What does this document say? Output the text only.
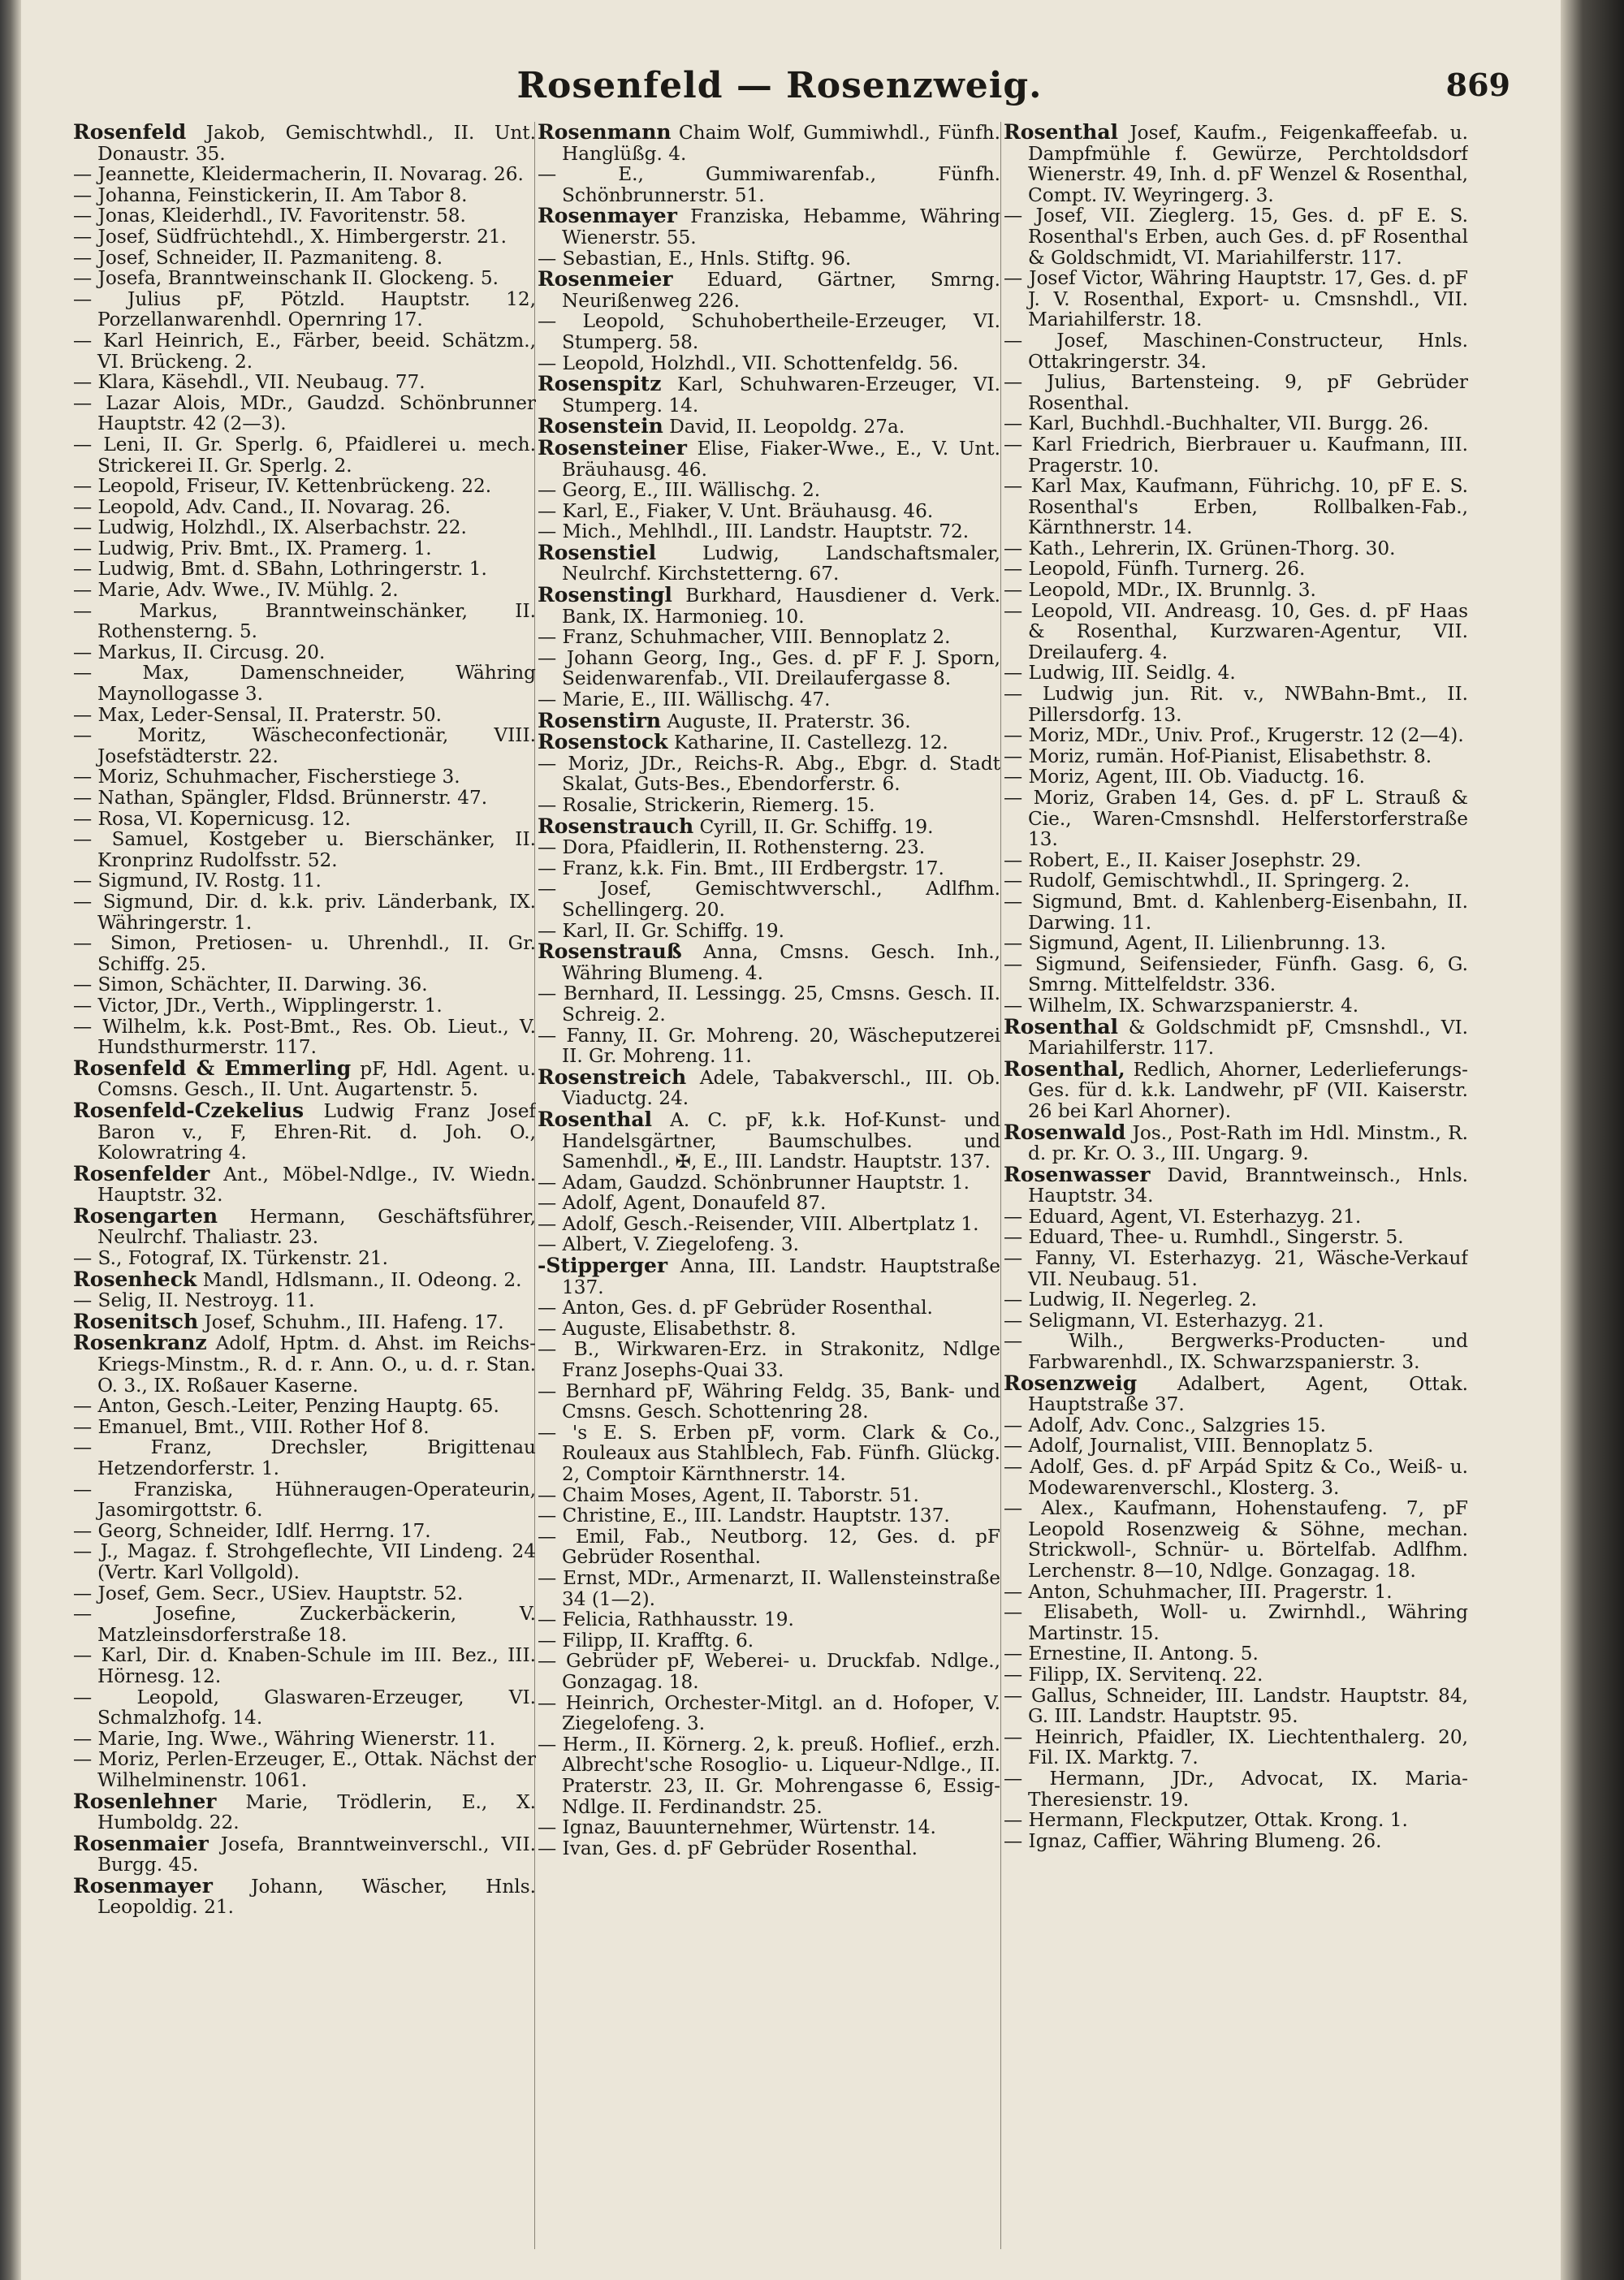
Rosenfeld — Rosenzweig.	869

Rosenfeld Jakob, Gemischtwhdl., II. Unt. Donaustr. 35.

— Jeannette, Kleidermacherin, II. Novarag. 26.

— Johanna, Feinstickerin, II. Am Tabor 8.

— Jonas, Kleiderhdl., IV. Favoritenstr. 58.

— Josef, Südfrüchtehdl., X. Himbergerstr. 21.

— Josef, Schneider, II. Pazmaniteng. 8.

— Josefa, Branntweinschank II. Glockeng. 5.

— Julius pF, Pötzld. Hauptstr. 12, Porzellanwarenhdl. Opernring 17.

— Karl Heinrich, E., Färber, beeid. Schätzm., VI. Brückeng. 2.

— Klara, Käsehdl., VII. Neubaug. 77.

— Lazar Alois, MDr., Gaudzd. Schönbrunner Hauptstr. 42 (2—3).

— Leni, II. Gr. Sperlg. 6, Pfaidlerei u. mech. Strickerei II. Gr. Sperlg. 2.

— Leopold, Friseur, IV. Kettenbrückeng. 22.

— Leopold, Adv. Cand., II. Novarag. 26.

— Ludwig, Holzhdl., IX. Alserbachstr. 22.

— Ludwig, Priv. Bmt., IX. Pramerg. 1.

— Ludwig, Bmt. d. SBahn, Lothringerstr. 1.

— Marie, Adv. Wwe., IV. Mühlg. 2.

— Markus, Branntweinschänker, II. Rothensterng. 5.

— Markus, II. Circusg. 20.

— Max, Damenschneider, Währing Maynollogasse 3.

— Max, Leder-Sensal, II. Praterstr. 50.

— Moritz, Wäscheconfectionär, VIII. Josefstädterstr. 22.

— Moriz, Schuhmacher, Fischerstiege 3.

— Nathan, Spängler, Fldsd. Brünnerstr. 47.

— Rosa, VI. Kopernicusg. 12.

— Samuel, Kostgeber u. Bierschänker, II. Kronprinz Rudolfsstr. 52.

— Sigmund, IV. Rostg. 11.

— Sigmund, Dir. d. k.k. priv. Länderbank, IX. Währingerstr. 1.

— Simon, Pretiosen- u. Uhrenhdl., II. Gr. Schiffg. 25.

— Simon, Schächter, II. Darwing. 36.

— Victor, JDr., Verth., Wipplingerstr. 1.

— Wilhelm, k.k. Post-Bmt., Res. Ob. Lieut., V. Hundsthurmerstr. 117.

Rosenfeld & Emmerling pF, Hdl. Agent. u. Comsns. Gesch., II. Unt. Augartenstr. 5.

Rosenfeld-Czekelius Ludwig Franz Josef Baron v., F, Ehren-Rit. d. Joh. O., Kolowratring 4.

Rosenfelder Ant., Möbel-Ndlge., IV. Wiedn. Hauptstr. 32.

Rosengarten Hermann, Geschäftsführer, Neulrchf. Thaliastr. 23.

— S., Fotograf, IX. Türkenstr. 21.

Rosenheck Mandl, Hdlsmann., II. Odeong. 2.

— Selig, II. Nestroyg. 11.

Rosenitsch Josef, Schuhm., III. Hafeng. 17.

Rosenkranz Adolf, Hptm. d. Ahst. im Reichs-Kriegs-Minstm., R. d. r. Ann. O., u. d. r. Stan. O. 3., IX. Roßauer Kaserne.

— Anton, Gesch.-Leiter, Penzing Hauptg. 65.

— Emanuel, Bmt., VIII. Rother Hof 8.

— Franz, Drechsler, Brigittenau Hetzendorferstr. 1.

— Franziska, Hühneraugen-Operateurin, Jasomirgottstr. 6.

— Georg, Schneider, Idlf. Herrng. 17.

— J., Magaz. f. Strohgeflechte, VII Lindeng. 24 (Vertr. Karl Vollgold).

— Josef, Gem. Secr., USiev. Hauptstr. 52.

— Josefine, Zuckerbäckerin, V. Matzleinsdorferstraße 18.

— Karl, Dir. d. Knaben-Schule im III. Bez., III. Hörnesg. 12.

— Leopold, Glaswaren-Erzeuger, VI. Schmalzhofg. 14.

— Marie, Ing. Wwe., Währing Wienerstr. 11.

— Moriz, Perlen-Erzeuger, E., Ottak. Nächst der Wilhelminenstr. 1061.

Rosenlehner Marie, Trödlerin, E., X. Humboldg. 22.

Rosenmaier Josefa, Branntweinverschl., VII. Burgg. 45.

Rosenmayer Johann, Wäscher, Hnls. Leopoldig. 21.

Rosenmann Chaim Wolf, Gummiwhdl., Fünfh. Hanglüßg. 4.

— E., Gummiwarenfab., Fünfh. Schönbrunnerstr. 51.

Rosenmayer Franziska, Hebamme, Währing Wienerstr. 55.

— Sebastian, E., Hnls. Stiftg. 96.

Rosenmeier Eduard, Gärtner, Smrng. Neurißenweg 226.

— Leopold, Schuhobertheile-Erzeuger, VI. Stumperg. 58.

— Leopold, Holzhdl., VII. Schottenfeldg. 56.

Rosenspitz Karl, Schuhwaren-Erzeuger, VI. Stumperg. 14.

Rosenstein David, II. Leopoldg. 27a.

Rosensteiner Elise, Fiaker-Wwe., E., V. Unt. Bräuhausg. 46.

— Georg, E., III. Wällischg. 2.

— Karl, E., Fiaker, V. Unt. Bräuhausg. 46.

— Mich., Mehlhdl., III. Landstr. Hauptstr. 72.

Rosenstiel Ludwig, Landschaftsmaler, Neulrchf. Kirchstetterng. 67.

Rosenstingl Burkhard, Hausdiener d. Verk. Bank, IX. Harmonieg. 10.

— Franz, Schuhmacher, VIII. Bennoplatz 2.

— Johann Georg, Ing., Ges. d. pF F. J. Sporn, Seidenwarenfab., VII. Dreilaufergasse 8.

— Marie, E., III. Wällischg. 47.

Rosenstirn Auguste, II. Praterstr. 36.

Rosenstock Katharine, II. Castellezg. 12.

— Moriz, JDr., Reichs-R. Abg., Ebgr. d. Stadt Skalat, Guts-Bes., Ebendorferstr. 6.

— Rosalie, Strickerin, Riemerg. 15.

Rosenstrauch Cyrill, II. Gr. Schiffg. 19.

— Dora, Pfaidlerin, II. Rothensterng. 23.

— Franz, k.k. Fin. Bmt., III Erdbergstr. 17.

— Josef, Gemischtwverschl., Adlfhm. Schellingerg. 20.

— Karl, II. Gr. Schiffg. 19.

Rosenstrauß Anna, Cmsns. Gesch. Inh., Währing Blumeng. 4.

— Bernhard, II. Lessingg. 25, Cmsns. Gesch. II. Schreig. 2.

— Fanny, II. Gr. Mohreng. 20, Wäscheputzerei II. Gr. Mohreng. 11.

Rosenstreich Adele, Tabakverschl., III. Ob. Viaductg. 24.

Rosenthal A. C. pF, k.k. Hof-Kunst- und Handelsgärtner, Baumschulbes. und Samenhdl., ✠, E., III. Landstr. Hauptstr. 137.

— Adam, Gaudzd. Schönbrunner Hauptstr. 1.

— Adolf, Agent, Donaufeld 87.

— Adolf, Gesch.-Reisender, VIII. Albertplatz 1.

— Albert, V. Ziegelofeng. 3.

-Stipperger Anna, III. Landstr. Hauptstraße 137.

— Anton, Ges. d. pF Gebrüder Rosenthal.

— Auguste, Elisabethstr. 8.

— B., Wirkwaren-Erz. in Strakonitz, Ndlge Franz Josephs-Quai 33.

— Bernhard pF, Währing Feldg. 35, Bank- und Cmsns. Gesch. Schottenring 28.

— 's E. S. Erben pF, vorm. Clark & Co., Rouleaux aus Stahlblech, Fab. Fünfh. Glückg. 2, Comptoir Kärnthnerstr. 14.

— Chaim Moses, Agent, II. Taborstr. 51.

— Christine, E., III. Landstr. Hauptstr. 137.

— Emil, Fab., Neutborg. 12, Ges. d. pF Gebrüder Rosenthal.

— Ernst, MDr., Armenarzt, II. Wallensteinstraße 34 (1—2).

— Felicia, Rathhausstr. 19.

— Filipp, II. Krafftg. 6.

— Gebrüder pF, Weberei- u. Druckfab. Ndlge., Gonzagag. 18.

— Heinrich, Orchester-Mitgl. an d. Hofoper, V. Ziegelofeng. 3.

— Herm., II. Körnerg. 2, k. preuß. Hoflief., erzh. Albrecht'sche Rosoglio- u. Liqueur-Ndlge., II. Praterstr. 23, II. Gr. Mohrengasse 6, Essig-Ndlge. II. Ferdinandstr. 25.

— Ignaz, Bauunternehmer, Würtenstr. 14.

— Ivan, Ges. d. pF Gebrüder Rosenthal.

Rosenthal Josef, Kaufm., Feigenkaffeefab. u. Dampfmühle f. Gewürze, Perchtoldsdorf Wienerstr. 49, Inh. d. pF Wenzel & Rosenthal, Compt. IV. Weyringerg. 3.

— Josef, VII. Zieglerg. 15, Ges. d. pF E. S. Rosenthal's Erben, auch Ges. d. pF Rosenthal & Goldschmidt, VI. Mariahilferstr. 117.

— Josef Victor, Währing Hauptstr. 17, Ges. d. pF J. V. Rosenthal, Export- u. Cmsnshdl., VII. Mariahilferstr. 18.

— Josef, Maschinen-Constructeur, Hnls. Ottakringerstr. 34.

— Julius, Bartensteing. 9, pF Gebrüder Rosenthal.

— Karl, Buchhdl.-Buchhalter, VII. Burgg. 26.

— Karl Friedrich, Bierbrauer u. Kaufmann, III. Pragerstr. 10.

— Karl Max, Kaufmann, Führichg. 10, pF E. S. Rosenthal's Erben, Rollbalken-Fab., Kärnthnerstr. 14.

— Kath., Lehrerin, IX. Grünen-Thorg. 30.

— Leopold, Fünfh. Turnerg. 26.

— Leopold, MDr., IX. Brunnlg. 3.

— Leopold, VII. Andreasg. 10, Ges. d. pF Haas & Rosenthal, Kurzwaren-Agentur, VII. Dreilauferg. 4.

— Ludwig, III. Seidlg. 4.

— Ludwig jun. Rit. v., NWBahn-Bmt., II. Pillersdorfg. 13.

— Moriz, MDr., Univ. Prof., Krugerstr. 12 (2—4).

— Moriz, rumän. Hof-Pianist, Elisabethstr. 8.

— Moriz, Agent, III. Ob. Viaductg. 16.

— Moriz, Graben 14, Ges. d. pF L. Strauß & Cie., Waren-Cmsnshdl. Helferstorferstraße 13.

— Robert, E., II. Kaiser Josephstr. 29.

— Rudolf, Gemischtwhdl., II. Springerg. 2.

— Sigmund, Bmt. d. Kahlenberg-Eisenbahn, II. Darwing. 11.

— Sigmund, Agent, II. Lilienbrunng. 13.

— Sigmund, Seifensieder, Fünfh. Gasg. 6, G. Smrng. Mittelfeldstr. 336.

— Wilhelm, IX. Schwarzspanierstr. 4.

Rosenthal & Goldschmidt pF, Cmsnshdl., VI. Mariahilferstr. 117.

Rosenthal, Redlich, Ahorner, Lederlieferungs-Ges. für d. k.k. Landwehr, pF (VII. Kaiserstr. 26 bei Karl Ahorner).

Rosenwald Jos., Post-Rath im Hdl. Minstm., R. d. pr. Kr. O. 3., III. Ungarg. 9.

Rosenwasser David, Branntweinsch., Hnls. Hauptstr. 34.

— Eduard, Agent, VI. Esterhazyg. 21.

— Eduard, Thee- u. Rumhdl., Singerstr. 5.

— Fanny, VI. Esterhazyg. 21, Wäsche-Verkauf VII. Neubaug. 51.

— Ludwig, II. Negerleg. 2.

— Seligmann, VI. Esterhazyg. 21.

— Wilh., Bergwerks-Producten- und Farbwarenhdl., IX. Schwarzspanierstr. 3.

Rosenzweig Adalbert, Agent, Ottak. Hauptstraße 37.

— Adolf, Adv. Conc., Salzgries 15.

— Adolf, Journalist, VIII. Bennoplatz 5.

— Adolf, Ges. d. pF Arpád Spitz & Co., Weiß- u. Modewarenverschl., Klosterg. 3.

— Alex., Kaufmann, Hohenstaufeng. 7, pF Leopold Rosenzweig & Söhne, mechan. Strickwoll-, Schnür- u. Börtelfab. Adlfhm. Lerchenstr. 8—10, Ndlge. Gonzagag. 18.

— Anton, Schuhmacher, III. Pragerstr. 1.

— Elisabeth, Woll- u. Zwirnhdl., Währing Martinstr. 15.

— Ernestine, II. Antong. 5.

— Filipp, IX. Servitenq. 22.

— Gallus, Schneider, III. Landstr. Hauptstr. 84, G. III. Landstr. Hauptstr. 95.

— Heinrich, Pfaidler, IX. Liechtenthalerg. 20, Fil. IX. Marktg. 7.

— Hermann, JDr., Advocat, IX. Maria-Theresienstr. 19.

— Hermann, Fleckputzer, Ottak. Krong. 1.

— Ignaz, Caffier, Währing Blumeng. 26.
